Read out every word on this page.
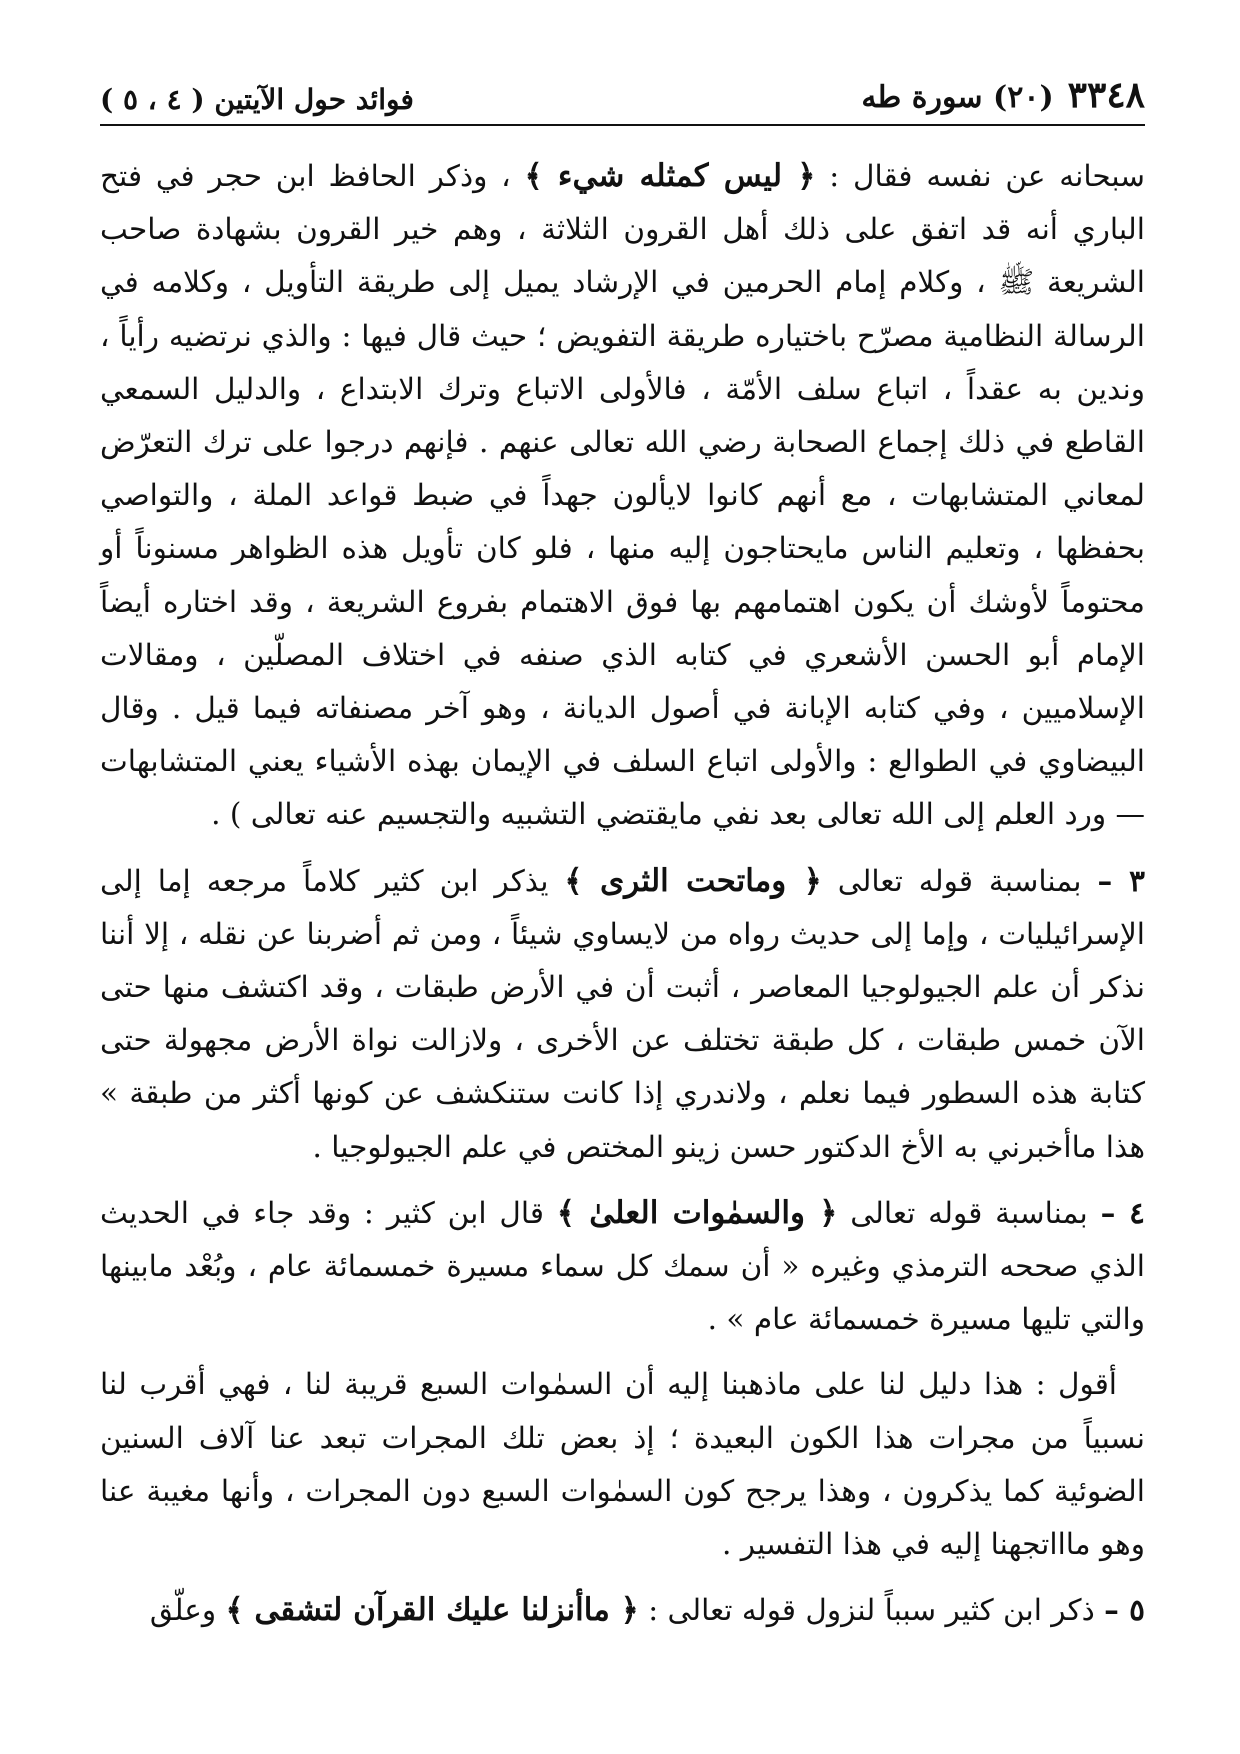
٣٣٤٨
(٢٠) سورة طه
فوائد حول الآيتين ( ٤ ، ٥ )

سبحانه عن نفسه فقال : ﴿ ليس كمثله شيء ﴾ ، وذكر الحافظ ابن حجر في فتح الباري أنه قد اتفق على ذلك أهل القرون الثلاثة ، وهم خير القرون بشهادة صاحب الشريعة ﷺ ، وكلام إمام الحرمين في الإرشاد يميل إلى طريقة التأويل ، وكلامه في الرسالة النظامية مصرّح باختياره طريقة التفويض ؛ حيث قال فيها : والذي نرتضيه رأياً ، وندين به عقداً ، اتباع سلف الأمّة ، فالأولى الاتباع وترك الابتداع ، والدليل السمعي القاطع في ذلك إجماع الصحابة رضي الله تعالى عنهم . فإنهم درجوا على ترك التعرّض لمعاني المتشابهات ، مع أنهم كانوا لايألون جهداً في ضبط قواعد الملة ، والتواصي بحفظها ، وتعليم الناس مايحتاجون إليه منها ، فلو كان تأويل هذه الظواهر مسنوناً أو محتوماً لأوشك أن يكون اهتمامهم بها فوق الاهتمام بفروع الشريعة ، وقد اختاره أيضاً الإمام أبو الحسن الأشعري في كتابه الذي صنفه في اختلاف المصلّين ، ومقالات الإسلاميين ، وفي كتابه الإبانة في أصول الديانة ، وهو آخر مصنفاته فيما قيل . وقال البيضاوي في الطوالع : والأولى اتباع السلف في الإيمان بهذه الأشياء يعني المتشابهات — ورد العلم إلى الله تعالى بعد نفي مايقتضي التشبيه والتجسيم عنه تعالى ) .

٣ – بمناسبة قوله تعالى ﴿ وماتحت الثرى ﴾ يذكر ابن كثير كلاماً مرجعه إما إلى الإسرائيليات ، وإما إلى حديث رواه من لايساوي شيئاً ، ومن ثم أضربنا عن نقله ، إلا أننا نذكر أن علم الجيولوجيا المعاصر ، أثبت أن في الأرض طبقات ، وقد اكتشف منها حتى الآن خمس طبقات ، كل طبقة تختلف عن الأخرى ، ولازالت نواة الأرض مجهولة حتى كتابة هذه السطور فيما نعلم ، ولاندري إذا كانت ستنكشف عن كونها أكثر من طبقة » هذا ماأخبرني به الأخ الدكتور حسن زينو المختص في علم الجيولوجيا .

٤ – بمناسبة قوله تعالى ﴿ والسمٰوات العلىٰ ﴾ قال ابن كثير : وقد جاء في الحديث الذي صححه الترمذي وغيره « أن سمك كل سماء مسيرة خمسمائة عام ، وبُعْد مابينها والتي تليها مسيرة خمسمائة عام » .

أقول : هذا دليل لنا على ماذهبنا إليه أن السمٰوات السبع قريبة لنا ، فهي أقرب لنا نسبياً من مجرات هذا الكون البعيدة ؛ إذ بعض تلك المجرات تبعد عنا آلاف السنين الضوئية كما يذكرون ، وهذا يرجح كون السمٰوات السبع دون المجرات ، وأنها مغيبة عنا وهو ماااتجهنا إليه في هذا التفسير .

٥ – ذكر ابن كثير سبباً لنزول قوله تعالى : ﴿ ماأنزلنا عليك القرآن لتشقى ﴾ وعلّق
